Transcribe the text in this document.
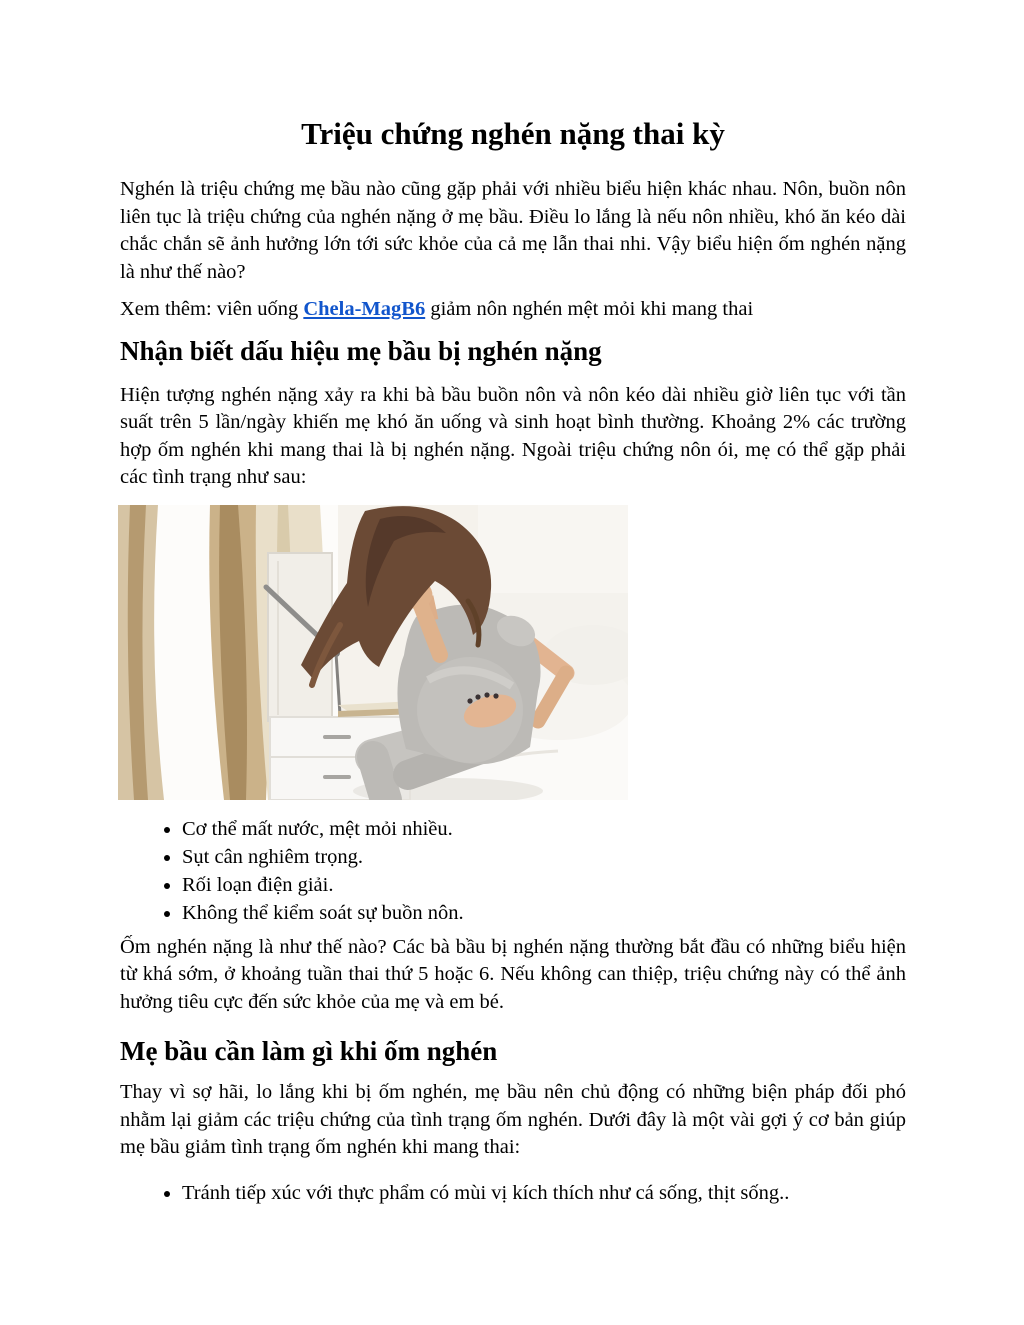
Triệu chứng nghén nặng thai kỳ

Nghén là triệu chứng mẹ bầu nào cũng gặp phải với nhiều biểu hiện khác nhau. Nôn, buồn nôn liên tục là triệu chứng của nghén nặng ở mẹ bầu. Điều lo lắng là nếu nôn nhiều, khó ăn kéo dài chắc chắn sẽ ảnh hưởng lớn tới sức khỏe của cả mẹ lẫn thai nhi. Vậy biểu hiện ốm nghén nặng là như thế nào?

Xem thêm: viên uống Chela-MagB6 giảm nôn nghén mệt mỏi khi mang thai

Nhận biết dấu hiệu mẹ bầu bị nghén nặng

Hiện tượng nghén nặng xảy ra khi bà bầu buồn nôn và nôn kéo dài nhiều giờ liên tục với tần suất trên 5 lần/ngày khiến mẹ khó ăn uống và sinh hoạt bình thường. Khoảng 2% các trường hợp ốm nghén khi mang thai là bị nghén nặng. Ngoài triệu chứng nôn ói, mẹ có thể gặp phải các tình trạng như sau:

• Cơ thể mất nước, mệt mỏi nhiều.
• Sụt cân nghiêm trọng.
• Rối loạn điện giải.
• Không thể kiểm soát sự buồn nôn.

Ốm nghén nặng là như thế nào? Các bà bầu bị nghén nặng thường bắt đầu có những biểu hiện từ khá sớm, ở khoảng tuần thai thứ 5 hoặc 6. Nếu không can thiệp, triệu chứng này có thể ảnh hưởng tiêu cực đến sức khỏe của mẹ và em bé.

Mẹ bầu cần làm gì khi ốm nghén

Thay vì sợ hãi, lo lắng khi bị ốm nghén, mẹ bầu nên chủ động có những biện pháp đối phó nhằm lại giảm các triệu chứng của tình trạng ốm nghén. Dưới đây là một vài gợi ý cơ bản giúp mẹ bầu giảm tình trạng ốm nghén khi mang thai:

• Tránh tiếp xúc với thực phẩm có mùi vị kích thích như cá sống, thịt sống..
